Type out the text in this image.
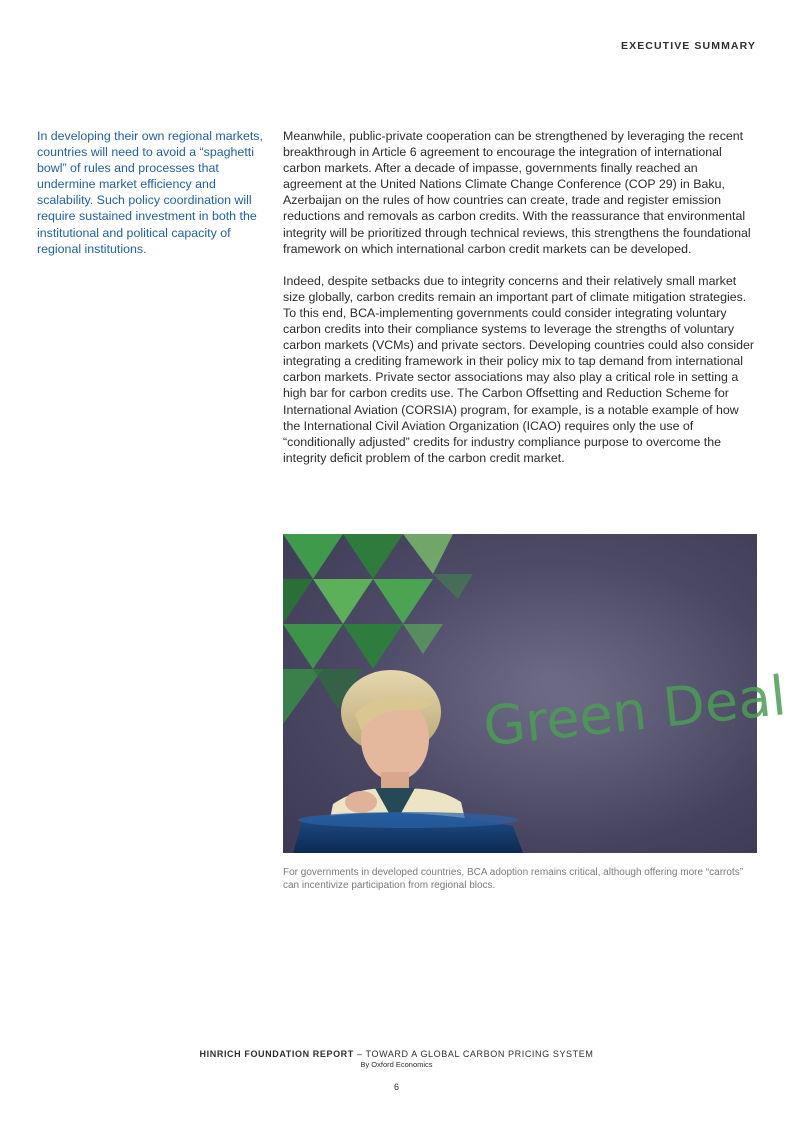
EXECUTIVE SUMMARY
In developing their own regional markets, countries will need to avoid a “spaghetti bowl” of rules and processes that undermine market efficiency and scalability. Such policy coordination will require sustained investment in both the institutional and political capacity of regional institutions.

Meanwhile, public-private cooperation can be strengthened by leveraging the recent breakthrough in Article 6 agreement to encourage the integration of international carbon markets. After a decade of impasse, governments finally reached an agreement at the United Nations Climate Change Conference (COP 29) in Baku, Azerbaijan on the rules of how countries can create, trade and register emission reductions and removals as carbon credits. With the reassurance that environmental integrity will be prioritized through technical reviews, this strengthens the foundational framework on which international carbon credit markets can be developed.

Indeed, despite setbacks due to integrity concerns and their relatively small market size globally, carbon credits remain an important part of climate mitigation strategies. To this end, BCA-implementing governments could consider integrating voluntary carbon credits into their compliance systems to leverage the strengths of voluntary carbon markets (VCMs) and private sectors. Developing countries could also consider integrating a crediting framework in their policy mix to tap demand from international carbon markets. Private sector associations may also play a critical role in setting a high bar for carbon credits use. The Carbon Offsetting and Reduction Scheme for International Aviation (CORSIA) program, for example, is a notable example of how the International Civil Aviation Organization (ICAO) requires only the use of “conditionally adjusted” credits for industry compliance purpose to overcome the integrity deficit problem of the carbon credit market.

Green Deal
For governments in developed countries, BCA adoption remains critical, although offering more “carrots” can incentivize participation from regional blocs.
HINRICH FOUNDATION REPORT – TOWARD A GLOBAL CARBON PRICING SYSTEM
By Oxford Economics
6
